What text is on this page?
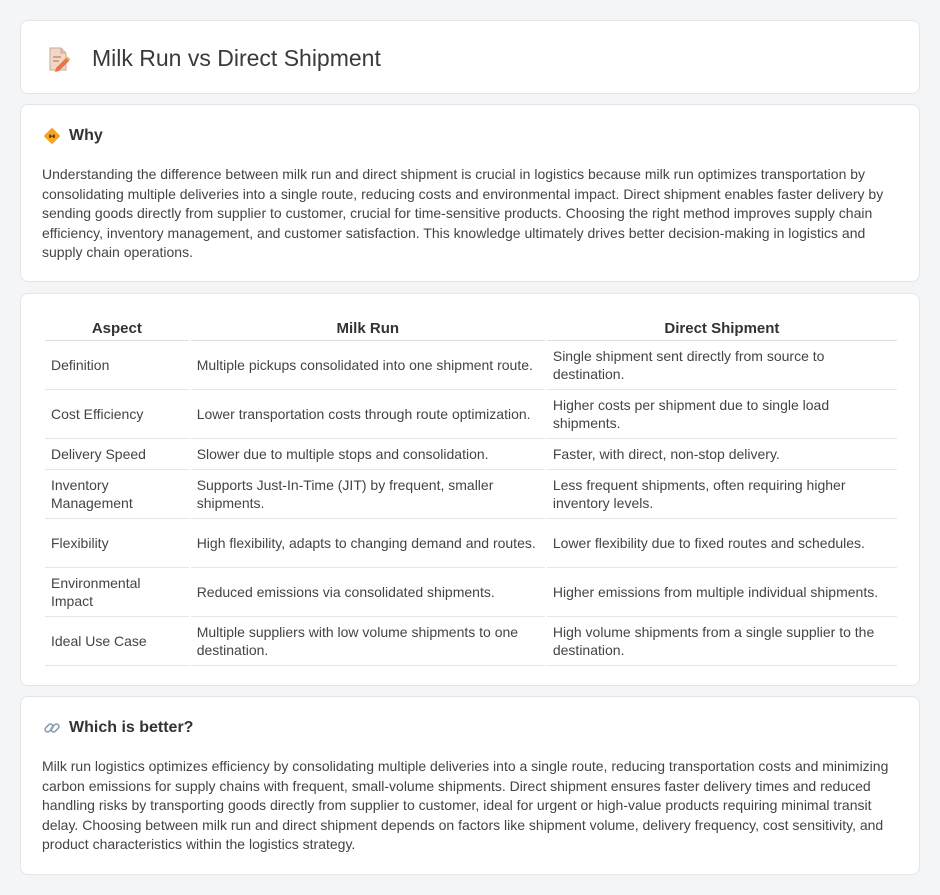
Milk Run vs Direct Shipment
Why

Understanding the difference between milk run and direct shipment is crucial in logistics because milk run optimizes transportation by consolidating multiple deliveries into a single route, reducing costs and environmental impact. Direct shipment enables faster delivery by sending goods directly from supplier to customer, crucial for time-sensitive products. Choosing the right method improves supply chain efficiency, inventory management, and customer satisfaction. This knowledge ultimately drives better decision-making in logistics and supply chain operations.

Aspect	Milk Run	Direct Shipment
Definition	Multiple pickups consolidated into one shipment route.	Single shipment sent directly from source to destination.
Cost Efficiency	Lower transportation costs through route optimization.	Higher costs per shipment due to single load shipments.
Delivery Speed	Slower due to multiple stops and consolidation.	Faster, with direct, non-stop delivery.
Inventory Management	Supports Just-In-Time (JIT) by frequent, smaller shipments.	Less frequent shipments, often requiring higher inventory levels.
Flexibility	High flexibility, adapts to changing demand and routes.	Lower flexibility due to fixed routes and schedules.
Environmental Impact	Reduced emissions via consolidated shipments.	Higher emissions from multiple individual shipments.
Ideal Use Case	Multiple suppliers with low volume shipments to one destination.	High volume shipments from a single supplier to the destination.
Which is better?

Milk run logistics optimizes efficiency by consolidating multiple deliveries into a single route, reducing transportation costs and minimizing carbon emissions for supply chains with frequent, small-volume shipments. Direct shipment ensures faster delivery times and reduced handling risks by transporting goods directly from supplier to customer, ideal for urgent or high-value products requiring minimal transit delay. Choosing between milk run and direct shipment depends on factors like shipment volume, delivery frequency, cost sensitivity, and product characteristics within the logistics strategy.
